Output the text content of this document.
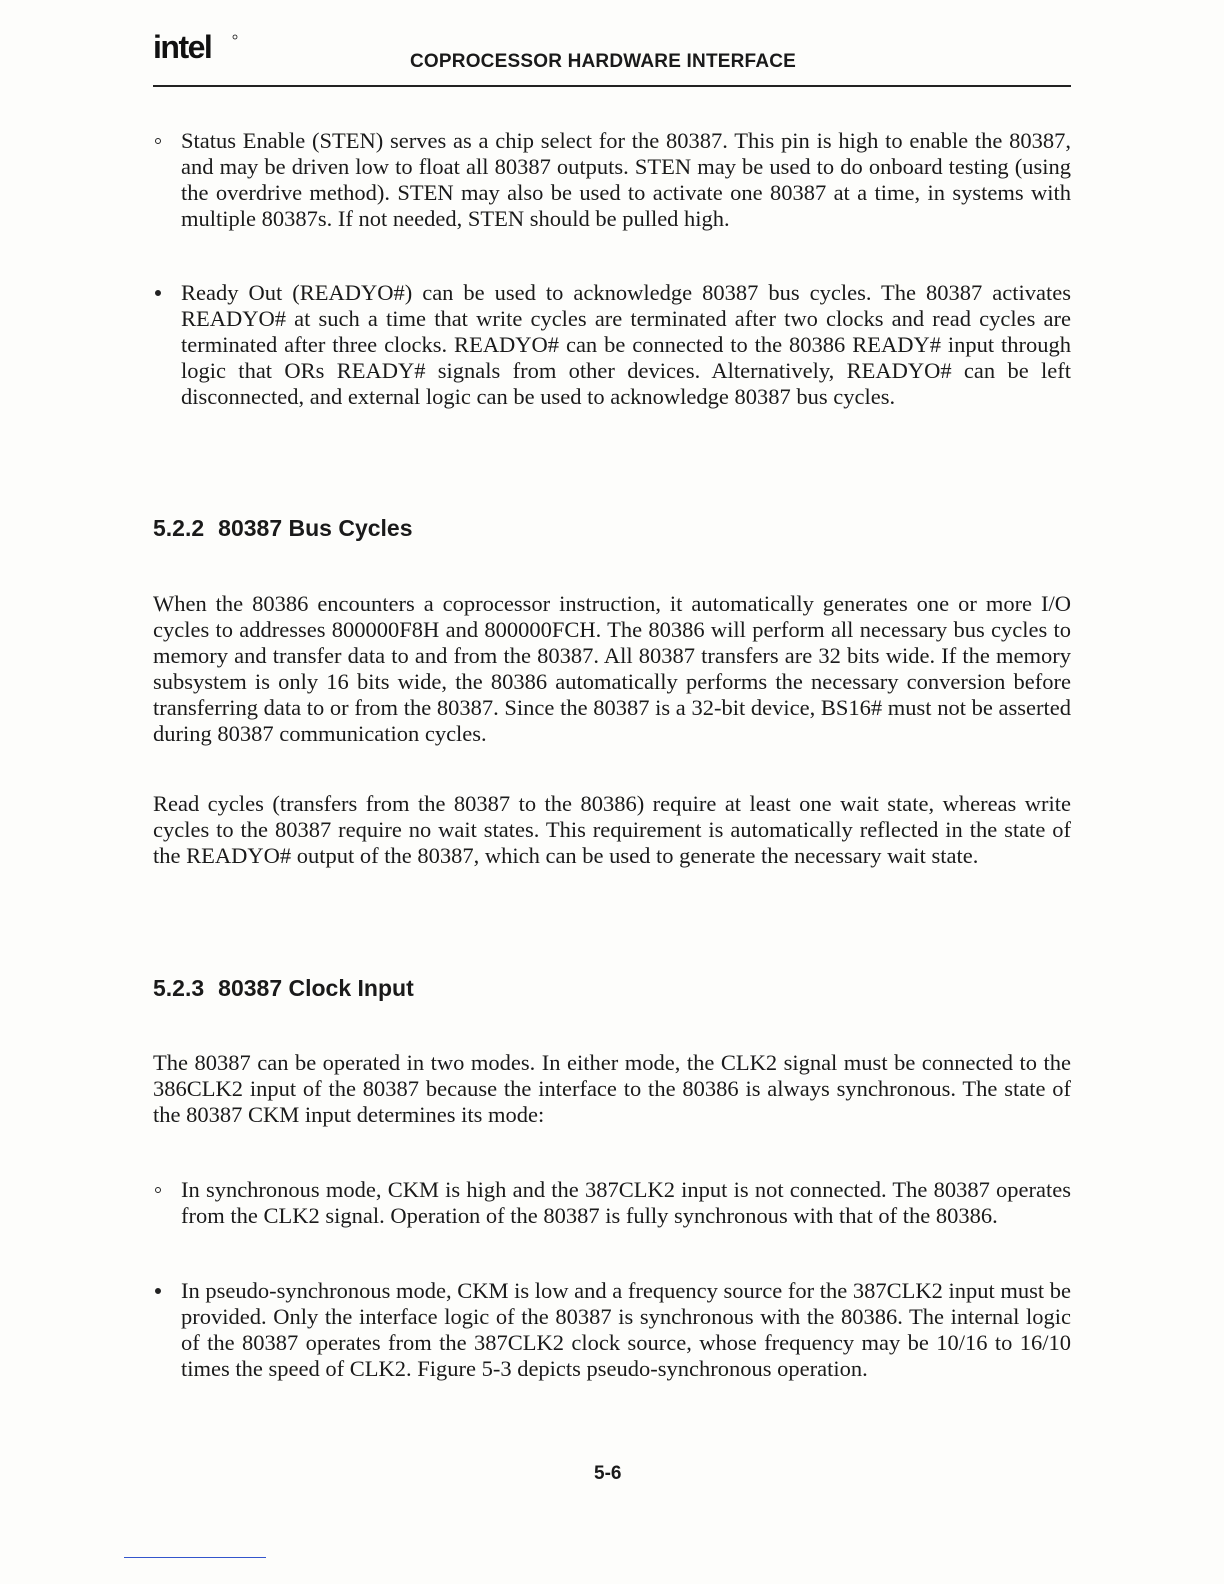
intel	COPROCESSOR HARDWARE INTERFACE
Status Enable (STEN) serves as a chip select for the 80387. This pin is high to enable the 80387, and may be driven low to float all 80387 outputs. STEN may be used to do onboard testing (using the overdrive method). STEN may also be used to activate one 80387 at a time, in systems with multiple 80387s. If not needed, STEN should be pulled high.
Ready Out (READYO#) can be used to acknowledge 80387 bus cycles. The 80387 activates READYO# at such a time that write cycles are terminated after two clocks and read cycles are terminated after three clocks. READYO# can be connected to the 80386 READY# input through logic that ORs READY# signals from other devices. Alternatively, READYO# can be left disconnected, and external logic can be used to acknowledge 80387 bus cycles.
5.2.2 80387 Bus Cycles
When the 80386 encounters a coprocessor instruction, it automatically generates one or more I/O cycles to addresses 800000F8H and 800000FCH. The 80386 will perform all necessary bus cycles to memory and transfer data to and from the 80387. All 80387 transfers are 32 bits wide. If the memory subsystem is only 16 bits wide, the 80386 automatically performs the necessary conversion before transferring data to or from the 80387. Since the 80387 is a 32-bit device, BS16# must not be asserted during 80387 communication cycles.
Read cycles (transfers from the 80387 to the 80386) require at least one wait state, whereas write cycles to the 80387 require no wait states. This requirement is automatically reflected in the state of the READYO# output of the 80387, which can be used to generate the necessary wait state.
5.2.3 80387 Clock Input
The 80387 can be operated in two modes. In either mode, the CLK2 signal must be connected to the 386CLK2 input of the 80387 because the interface to the 80386 is always synchronous. The state of the 80387 CKM input determines its mode:
In synchronous mode, CKM is high and the 387CLK2 input is not connected. The 80387 operates from the CLK2 signal. Operation of the 80387 is fully synchronous with that of the 80386.
In pseudo-synchronous mode, CKM is low and a frequency source for the 387CLK2 input must be provided. Only the interface logic of the 80387 is synchronous with the 80386. The internal logic of the 80387 operates from the 387CLK2 clock source, whose frequency may be 10/16 to 16/10 times the speed of CLK2. Figure 5-3 depicts pseudo-synchronous operation.
5-6
